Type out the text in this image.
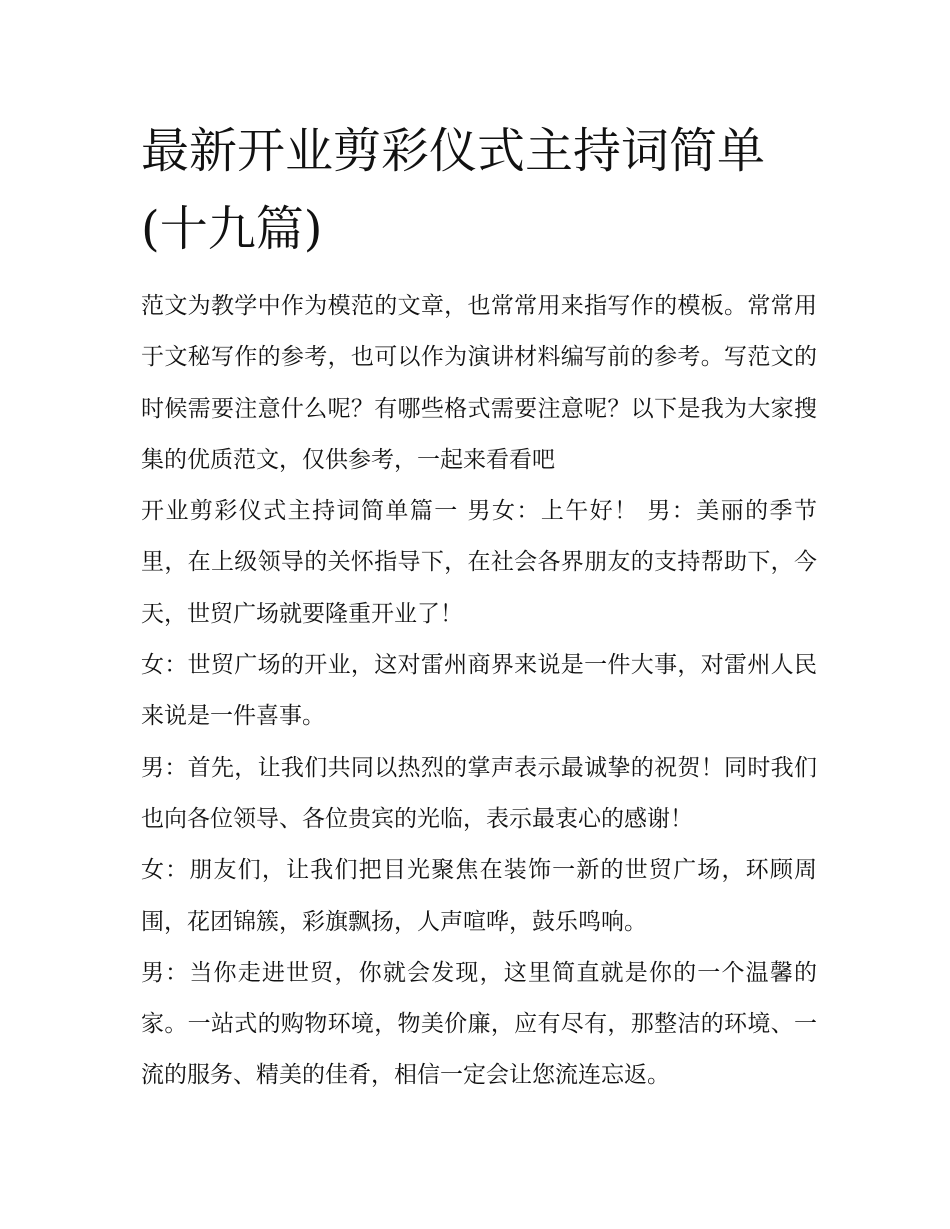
最新开业剪彩仪式主持词简单(十九篇)

范文为教学中作为模范的文章，也常常用来指写作的模板。常常用于文秘写作的参考，也可以作为演讲材料编写前的参考。写范文的时候需要注意什么呢？有哪些格式需要注意呢？以下是我为大家搜集的优质范文，仅供参考，一起来看看吧

开业剪彩仪式主持词简单篇一 男女：上午好！ 男：美丽的季节里，在上级领导的关怀指导下，在社会各界朋友的支持帮助下，今天，世贸广场就要隆重开业了！

女：世贸广场的开业，这对雷州商界来说是一件大事，对雷州人民来说是一件喜事。

男：首先，让我们共同以热烈的掌声表示最诚挚的祝贺！同时我们也向各位领导、各位贵宾的光临，表示最衷心的感谢！

女：朋友们，让我们把目光聚焦在装饰一新的世贸广场，环顾周围，花团锦簇，彩旗飘扬，人声喧哗，鼓乐鸣响。

男：当你走进世贸，你就会发现，这里简直就是你的一个温馨的家。一站式的购物环境，物美价廉，应有尽有，那整洁的环境、一流的服务、精美的佳肴，相信一定会让您流连忘返。
